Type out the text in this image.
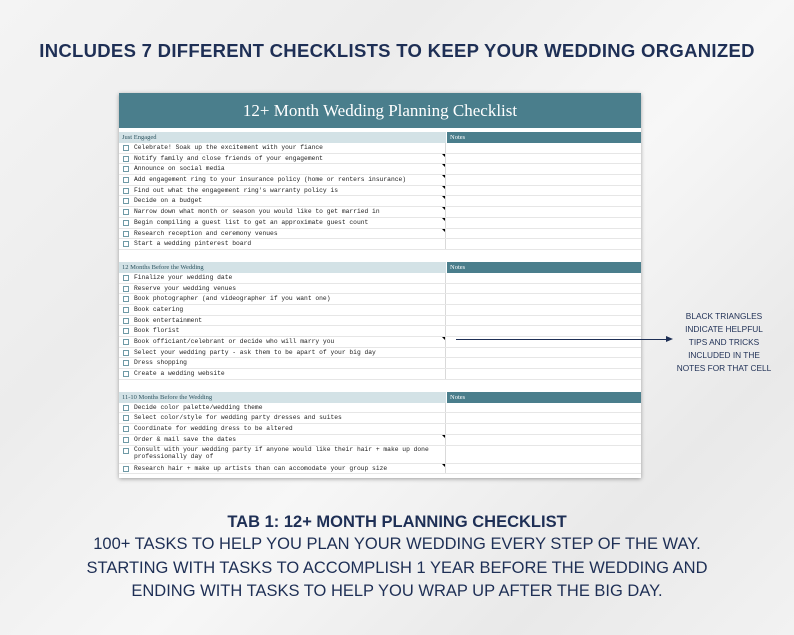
INCLUDES 7 DIFFERENT CHECKLISTS TO KEEP YOUR WEDDING ORGANIZED
12+ Month Wedding Planning Checklist
Just Engaged	Notes
Celebrate! Soak up the excitement with your fiance
Notify family and close friends of your engagement
Announce on social media
Add engagement ring to your insurance policy (home or renters insurance)
Find out what the engagement ring's warranty policy is
Decide on a budget
Narrow down what month or season you would like to get married in
Begin compiling a guest list to get an approximate guest count
Research reception and ceremony venues
Start a wedding pinterest board
12 Months Before the Wedding	Notes
Finalize your wedding date
Reserve your wedding venues
Book photographer (and videographer if you want one)
Book catering
Book entertainment
Book florist
Book officiant/celebrant or decide who will marry you
Select your wedding party - ask them to be apart of your big day
Dress shopping
Create a wedding website
11-10 Months Before the Wedding	Notes
Decide color palette/wedding theme
Select color/style for wedding party dresses and suites
Coordinate for wedding dress to be altered
Order & mail save the dates
Consult with your wedding party if anyone would like their hair + make up done professionally day of
Research hair + make up artists than can accomodate your group size
BLACK TRIANGLES
INDICATE HELPFUL
TIPS AND TRICKS
INCLUDED IN THE
NOTES FOR THAT CELL
TAB 1: 12+ MONTH PLANNING CHECKLIST
100+ TASKS TO HELP YOU PLAN YOUR WEDDING EVERY STEP OF THE WAY.
STARTING WITH TASKS TO ACCOMPLISH 1 YEAR BEFORE THE WEDDING AND
ENDING WITH TASKS TO HELP YOU WRAP UP AFTER THE BIG DAY.
